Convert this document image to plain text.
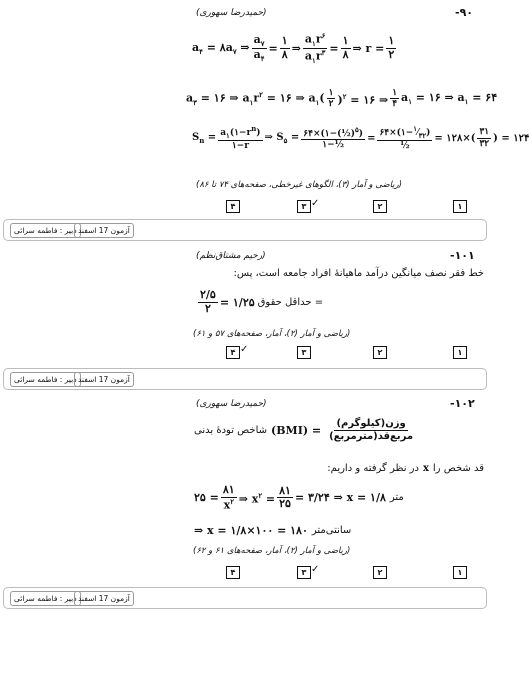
-۹۰
(حمیدرضا سهوری)
$a_۴$ = $۸a_۷$ ⇒ $\frac{a_۷}{a_۴} = \frac{۱}{۸}$ ⇒ $\frac{a_۱r^۶}{a_۱r^۳} = \frac{۱}{۸}$ ⇒ $r = \frac{۱}{۲}$
$a_۳$ = ۱۶ ⇒ $a_۱r^۲$ = ۱۶ ⇒ $a_۱( \frac{۱}{۲} )^۲$ = ۱۶ ⇒ $\frac{۱}{۴} a_۱$ = ۱۶ ⇒ $a_۱$ = ۶۴
$S_n = \frac{a_۱(۱-r^n)}{۱-r}$ ⇒ $S_۵ = \frac{۶۴\times(۱-(\frac{1}{2})^۵)}{\text{۱−½}} = \frac{۶۴\times(۱-^۱⁄_{۳۲})}{\text{½}}$ = ۱۲۸×( $\frac{۳۱}{۳۲}$ ) = ۱۲۴
(ریاضی و آمار (۳)، الگوهای غیرخطی، صفحه‌های ۷۴ تا ۸۶)
۴	۳ ✓	۲	۱
دبیر : فاطمه سرائی آزمون 17 اسفند
-۱۰۱
(رحیم مشتاق‌نظم)
خط فقر نصف میانگین درآمد ماهیانهٔ افراد جامعه است، پس:
$\frac{۲/۵}{۲}$ = ۱/۲۵ = حداقل حقوق
(ریاضی و آمار (۲)، آمار، صفحه‌های ۵۷ و ۶۱)
۴ ✓	۳	۲	۱
دبیر : فاطمه سرائی آزمون 17 اسفند
-۱۰۲
(حمیدرضا سهوری)
شاخص تودهٔ بدنی $(BMI) = \frac{\text{وزن(کیلوگرم)}}{\text{مربع‌قد(مترمربع)}}$
قد شخص را
x
در نظر گرفته و داریم:
۲۵ = $\frac{۸۱}{x^۲}$ ⇒ $x^۲ = \frac{۸۱}{۲۵}$ = ۳/۲۴ ⇒ x = ۱/۸ متر
⇒ x = ۱/۸×۱۰۰ = ۱۸۰ سانتی‌متر
(ریاضی و آمار (۲)، آمار، صفحه‌های ۶۱ و ۶۲)
۴	۳ ✓	۲	۱
دبیر : فاطمه سرائی آزمون 17 اسفند
